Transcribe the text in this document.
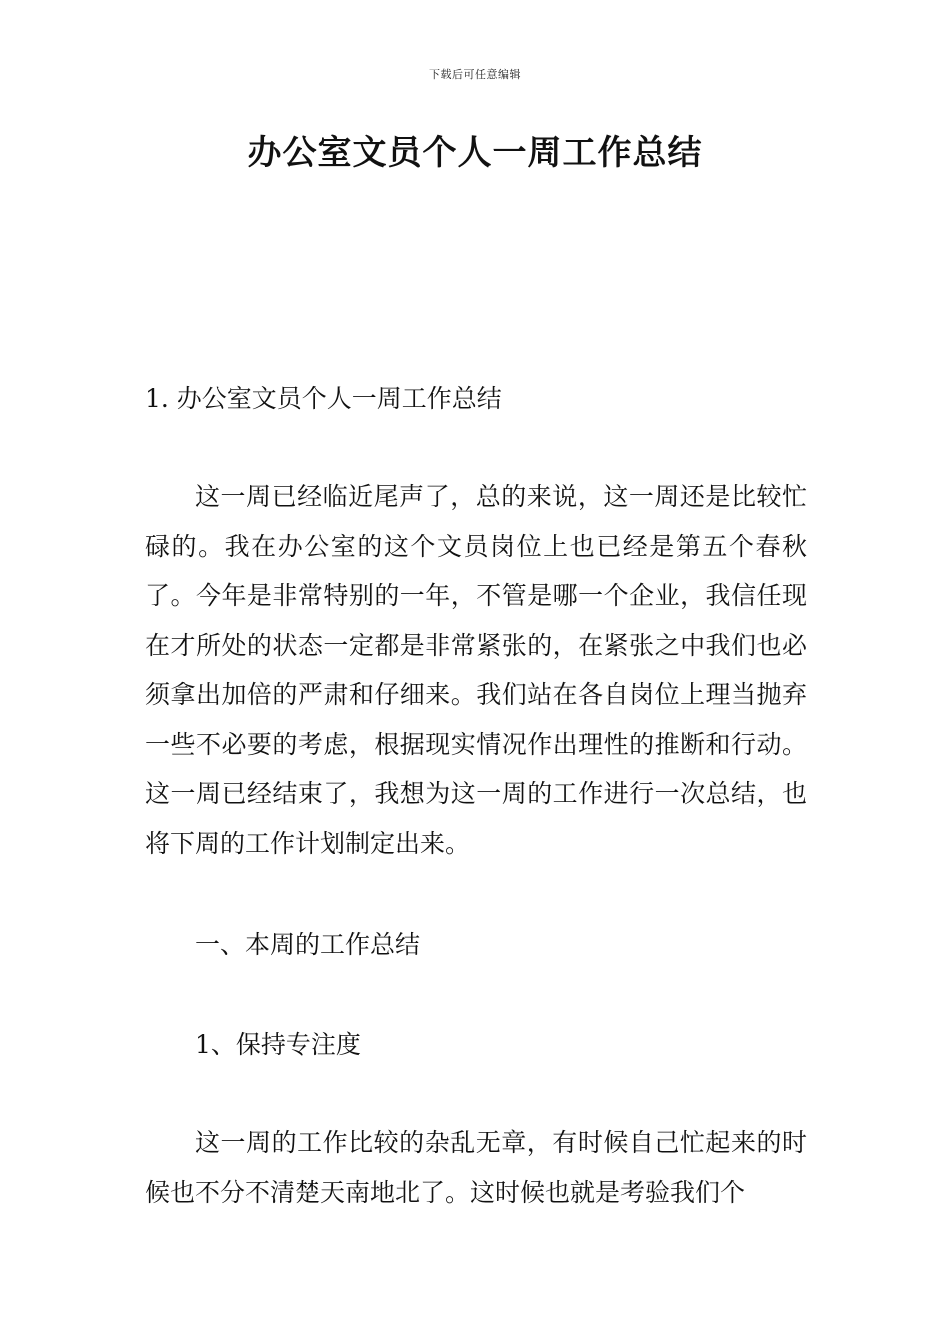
下载后可任意编辑
办公室文员个人一周工作总结

1. 办公室文员个人一周工作总结

这一周已经临近尾声了，总的来说，这一周还是比较忙碌的。我在办公室的这个文员岗位上也已经是第五个春秋了。今年是非常特别的一年，不管是哪一个企业，我信任现在才所处的状态一定都是非常紧张的，在紧张之中我们也必须拿出加倍的严肃和仔细来。我们站在各自岗位上理当抛弃一些不必要的考虑，根据现实情况作出理性的推断和行动。这一周已经结束了，我想为这一周的工作进行一次总结，也将下周的工作计划制定出来。

一、本周的工作总结

1、保持专注度

这一周的工作比较的杂乱无章，有时候自己忙起来的时候也不分不清楚天南地北了。这时候也就是考验我们个
